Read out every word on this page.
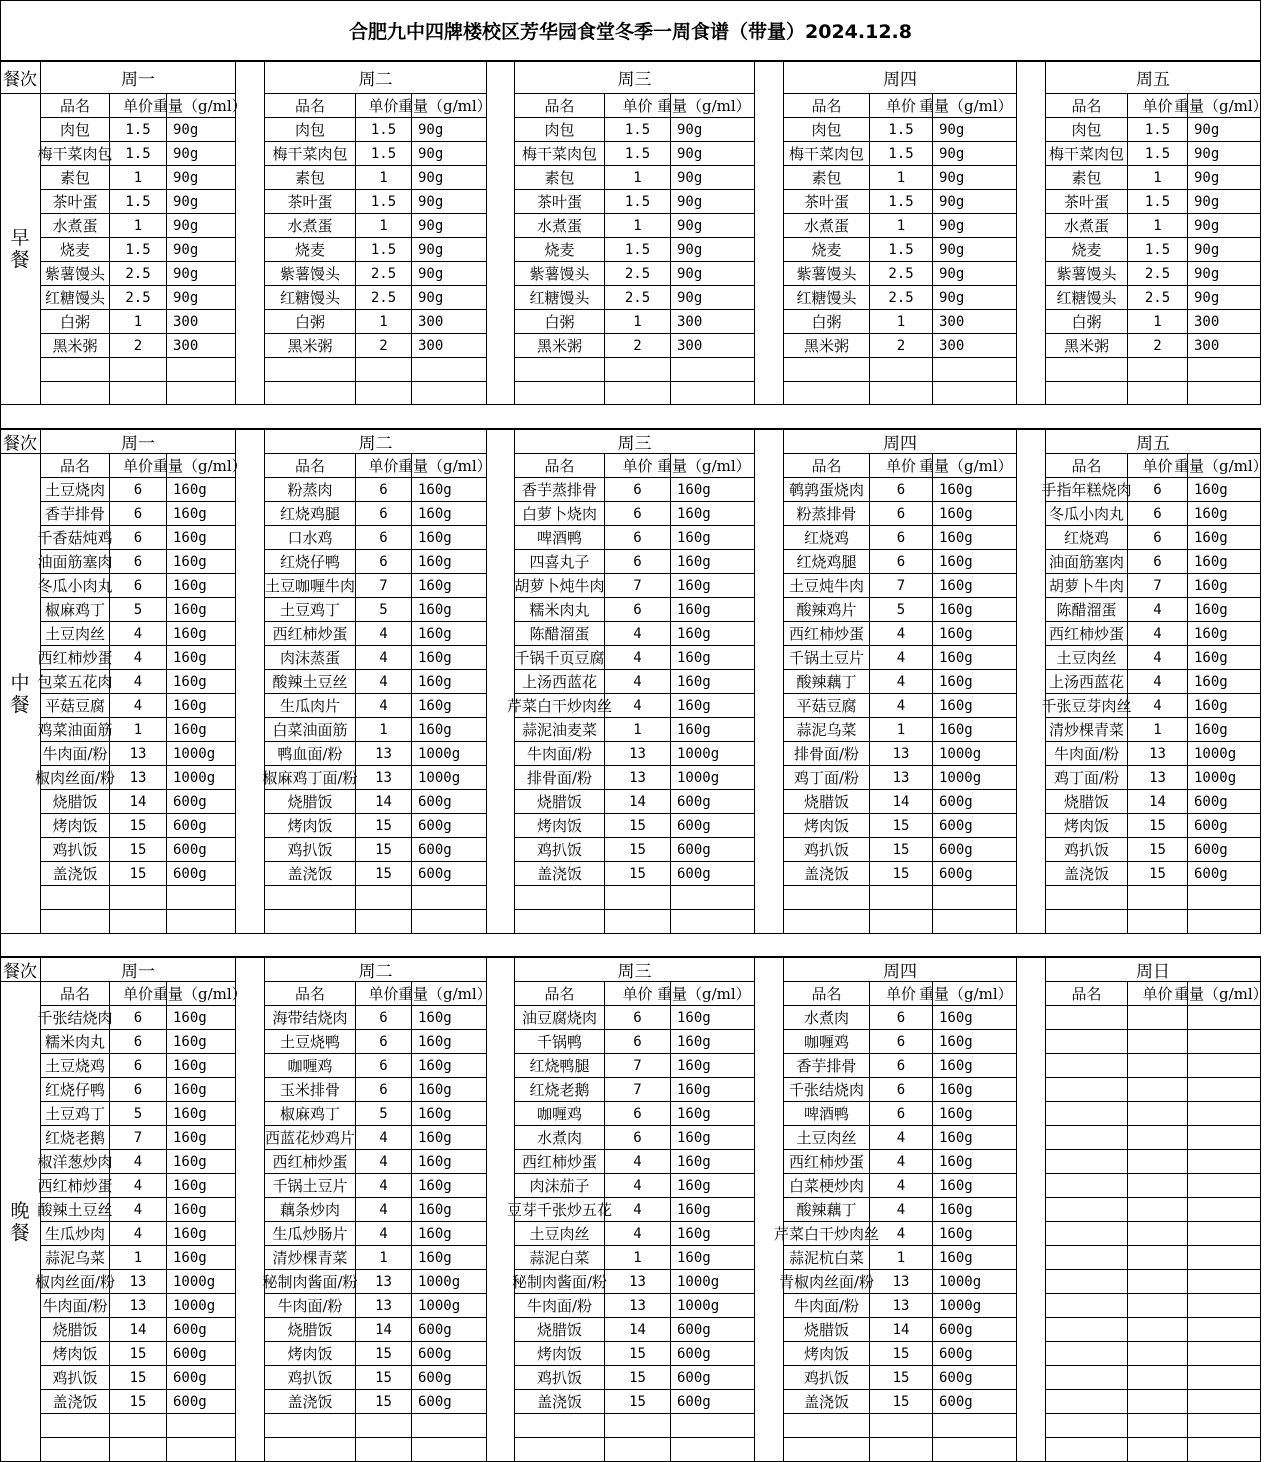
合肥九中四牌楼校区芳华园食堂冬季一周食谱（带量）2024.12.8
餐次
早
餐
周一
品名	单价 重量（g/ml）
肉包	1.5	90g
梅干菜肉包 1.5	90g
素包	1	90g
茶叶蛋	1.5	90g
水煮蛋	1	90g
烧麦	1.5	90g
紫薯馒头	2.5	90g
红糖馒头	2.5	90g
白粥	1	300
黑米粥	2	300
周二
品名	单价 重量（g/ml）
肉包	1.5	90g
梅干菜肉包	1.5	90g
素包	1	90g
茶叶蛋	1.5	90g
水煮蛋	1	90g
烧麦	1.5	90g
紫薯馒头	2.5	90g
红糖馒头	2.5	90g
白粥	1	300
黑米粥	2	300
周三
品名	单价 重量（g/ml）
肉包	1.5	90g
梅干菜肉包	1.5	90g
素包	1	90g
茶叶蛋	1.5	90g
水煮蛋	1	90g
烧麦	1.5	90g
紫薯馒头	2.5	90g
红糖馒头	2.5	90g
白粥	1	300
黑米粥	2	300
周四
品名	单价 重量（g/ml）
肉包	1.5	90g
梅干菜肉包	1.5	90g
素包	1	90g
茶叶蛋	1.5	90g
水煮蛋	1	90g
烧麦	1.5	90g
紫薯馒头	2.5	90g
红糖馒头	2.5	90g
白粥	1	300
黑米粥	2	300
周五
品名	单价 重量（g/ml）
肉包	1.5	90g
梅干菜肉包	1.5	90g
素包	1	90g
茶叶蛋	1.5	90g
水煮蛋	1	90g
烧麦	1.5	90g
紫薯馒头	2.5	90g
红糖馒头	2.5	90g
白粥	1	300
黑米粥	2	300
餐次
中
餐
周一
品名	单价 重量（g/ml）
土豆烧肉	6	160g
香芋排骨	6	160g
千香菇炖鸡	6	160g
油面筋塞肉	6	160g
冬瓜小肉丸	6	160g
椒麻鸡丁	5	160g
土豆肉丝	4	160g
西红柿炒蛋	4	160g
包菜五花肉	4	160g
平菇豆腐	4	160g
鸡菜油面筋	1	160g
牛肉面/粉	13	1000g
椒肉丝面/粉	13	1000g
烧腊饭	14	600g
烤肉饭	15	600g
鸡扒饭	15	600g
盖浇饭	15	600g
周二
品名	单价 重量（g/ml）
粉蒸肉	6	160g
红烧鸡腿	6	160g
口水鸡	6	160g
红烧仔鸭	6	160g
土豆咖喱牛肉	7	160g
土豆鸡丁	5	160g
西红柿炒蛋	4	160g
肉沫蒸蛋	4	160g
酸辣土豆丝	4	160g
生瓜肉片	4	160g
白菜油面筋	1	160g
鸭血面/粉	13	1000g
椒麻鸡丁面/粉	13	1000g
烧腊饭	14	600g
烤肉饭	15	600g
鸡扒饭	15	600g
盖浇饭	15	600g
周三
品名	单价 重量（g/ml）
香芋蒸排骨	6	160g
白萝卜烧肉	6	160g
啤酒鸭	6	160g
四喜丸子	6	160g
胡萝卜炖牛肉	7	160g
糯米肉丸	6	160g
陈醋溜蛋	4	160g
千锅千页豆腐	4	160g
上汤西蓝花	4	160g
芹菜白干炒肉丝	4	160g
蒜泥油麦菜	1	160g
牛肉面/粉	13	1000g
排骨面/粉	13	1000g
烧腊饭	14	600g
烤肉饭	15	600g
鸡扒饭	15	600g
盖浇饭	15	600g
周四
品名	单价 重量（g/ml）
鹌鹑蛋烧肉	6	160g
粉蒸排骨	6	160g
红烧鸡	6	160g
红烧鸡腿	6	160g
土豆炖牛肉	7	160g
酸辣鸡片	5	160g
西红柿炒蛋	4	160g
千锅土豆片	4	160g
酸辣藕丁	4	160g
平菇豆腐	4	160g
蒜泥乌菜	1	160g
排骨面/粉	13	1000g
鸡丁面/粉	13	1000g
烧腊饭	14	600g
烤肉饭	15	600g
鸡扒饭	15	600g
盖浇饭	15	600g
周五
品名	单价 重量（g/ml）
手指年糕烧肉	6	160g
冬瓜小肉丸	6	160g
红烧鸡	6	160g
油面筋塞肉	6	160g
胡萝卜牛肉	7	160g
陈醋溜蛋	4	160g
西红柿炒蛋	4	160g
土豆肉丝	4	160g
上汤西蓝花	4	160g
千张豆芽肉丝	4	160g
清炒棵青菜	1	160g
牛肉面/粉	13	1000g
鸡丁面/粉	13	1000g
烧腊饭	14	600g
烤肉饭	15	600g
鸡扒饭	15	600g
盖浇饭	15	600g
餐次
晚
餐
周一
品名	单价 重量（g/ml）
千张结烧肉	6	160g
糯米肉丸	6	160g
土豆烧鸡	6	160g
红烧仔鸭	6	160g
土豆鸡丁	5	160g
红烧老鹅	7	160g
椒洋葱炒肉	4	160g
西红柿炒蛋	4	160g
酸辣土豆丝	4	160g
生瓜炒肉	4	160g
蒜泥乌菜	1	160g
椒肉丝面/粉	13	1000g
牛肉面/粉	13	1000g
烧腊饭	14	600g
烤肉饭	15	600g
鸡扒饭	15	600g
盖浇饭	15	600g
周二
品名	单价 重量（g/ml）
海带结烧肉	6	160g
土豆烧鸭	6	160g
咖喱鸡	6	160g
玉米排骨	6	160g
椒麻鸡丁	5	160g
西蓝花炒鸡片	4	160g
西红柿炒蛋	4	160g
千锅土豆片	4	160g
藕条炒肉	4	160g
生瓜炒肠片	4	160g
清炒棵青菜	1	160g
秘制肉酱面/粉	13	1000g
牛肉面/粉	13	1000g
烧腊饭	14	600g
烤肉饭	15	600g
鸡扒饭	15	600g
盖浇饭	15	600g
周三
品名	单价 重量（g/ml）
油豆腐烧肉	6	160g
千锅鸭	6	160g
红烧鸭腿	7	160g
红烧老鹅	7	160g
咖喱鸡	6	160g
水煮肉	6	160g
西红柿炒蛋	4	160g
肉沫茄子	4	160g
豆芽千张炒五花	4	160g
土豆肉丝	4	160g
蒜泥白菜	1	160g
秘制肉酱面/粉	13	1000g
牛肉面/粉	13	1000g
烧腊饭	14	600g
烤肉饭	15	600g
鸡扒饭	15	600g
盖浇饭	15	600g
周四
品名	单价 重量（g/ml）
水煮肉	6	160g
咖喱鸡	6	160g
香芋排骨	6	160g
千张结烧肉	6	160g
啤酒鸭	6	160g
土豆肉丝	4	160g
西红柿炒蛋	4	160g
白菜梗炒肉	4	160g
酸辣藕丁	4	160g
芹菜白干炒肉丝	4	160g
蒜泥杭白菜	1	160g
青椒肉丝面/粉	13	1000g
牛肉面/粉	13	1000g
烧腊饭	14	600g
烤肉饭	15	600g
鸡扒饭	15	600g
盖浇饭	15	600g
周日
品名	单价 重量（g/ml）
